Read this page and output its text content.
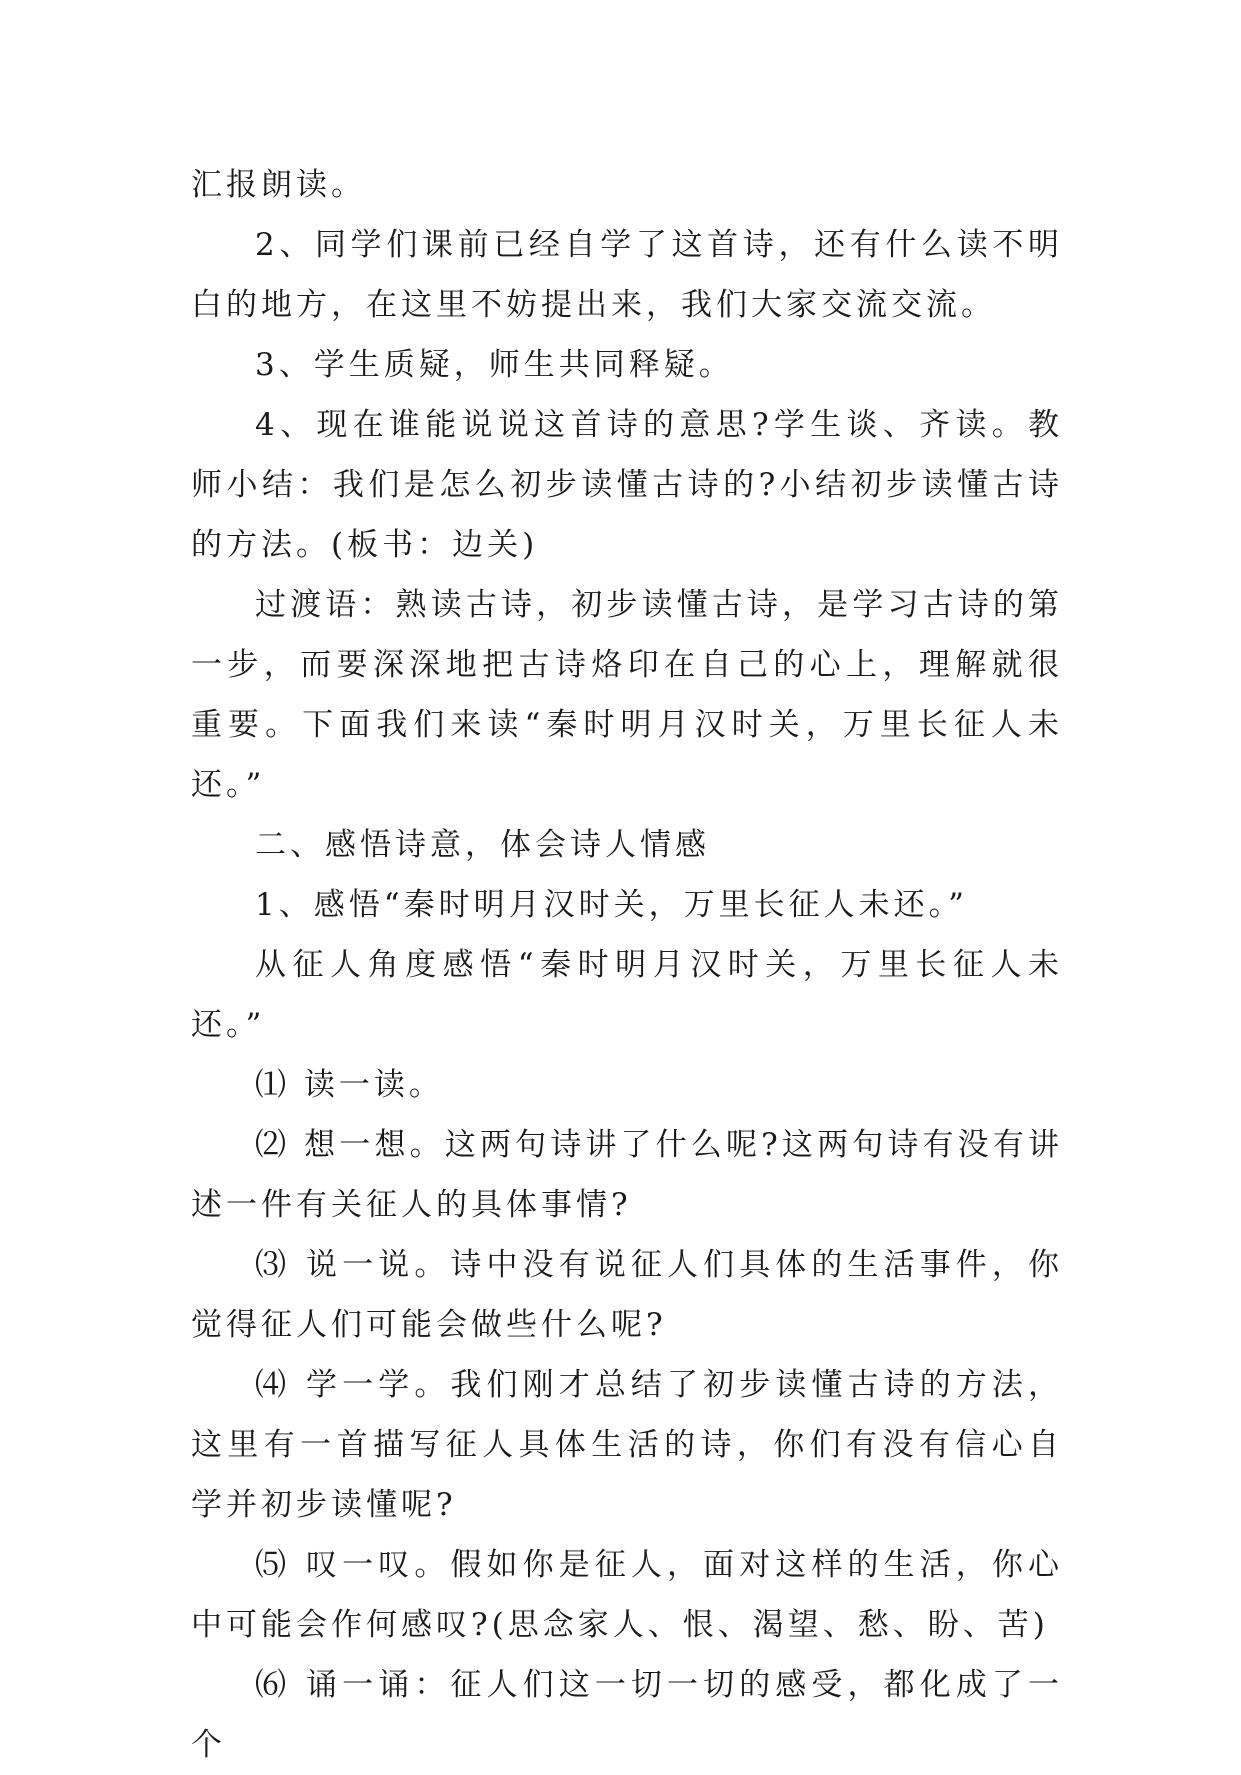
汇报朗读。

2、同学们课前已经自学了这首诗，还有什么读不明白的地方，在这里不妨提出来，我们大家交流交流。

3、学生质疑，师生共同释疑。

4、现在谁能说说这首诗的意思?学生谈、齐读。教师小结：我们是怎么初步读懂古诗的?小结初步读懂古诗的方法。(板书：边关)

过渡语：熟读古诗，初步读懂古诗，是学习古诗的第一步，而要深深地把古诗烙印在自己的心上，理解就很重要。下面我们来读“秦时明月汉时关，万里长征人未还。”

二、感悟诗意，体会诗人情感

1、感悟“秦时明月汉时关，万里长征人未还。”

从征人角度感悟“秦时明月汉时关，万里长征人未还。”

⑴ 读一读。

⑵ 想一想。这两句诗讲了什么呢?这两句诗有没有讲述一件有关征人的具体事情?

⑶ 说一说。诗中没有说征人们具体的生活事件，你觉得征人们可能会做些什么呢?

⑷ 学一学。我们刚才总结了初步读懂古诗的方法，这里有一首描写征人具体生活的诗，你们有没有信心自学并初步读懂呢?

⑸ 叹一叹。假如你是征人，面对这样的生活，你心中可能会作何感叹?(思念家人、恨、渴望、愁、盼、苦)

⑹ 诵一诵：征人们这一切一切的感受，都化成了一个
